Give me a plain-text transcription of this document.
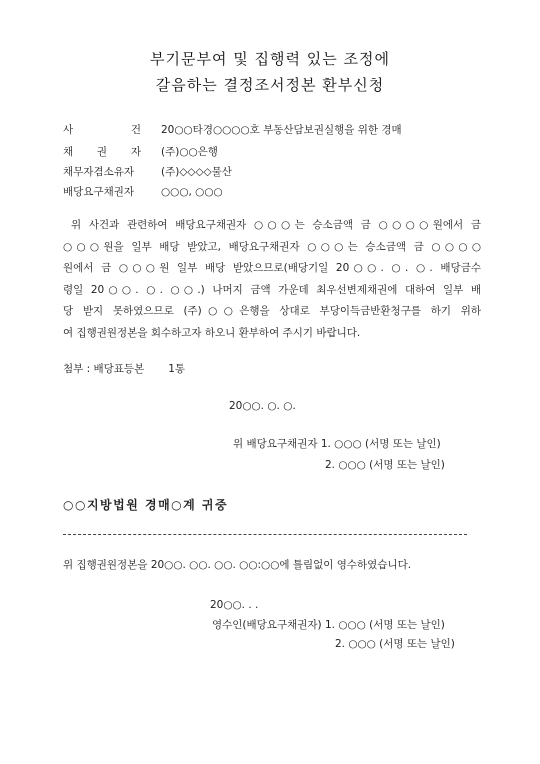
부기문부여 및 집행력 있는 조정에
갈음하는 결정조서정본 환부신청
사	건 20○○타경○○○○호 부동산담보권실행을 위한 경매
채 권 자 (주)○○은행
채무자겸소유자	(주)◇◇◇◇물산
배당요구채권자	○○○, ○○○
위 사건과 관련하여 배당요구채권자 ○○○는 승소금액 금 ○○○○원에서 금
○○○원을 일부 배당 받았고, 배당요구채권자 ○○○는 승소금액 금 ○○○○
원에서 금 ○○○원 일부 배당 받았으므로(배당기일 20○○. ○. ○. 배당금수
령일 20○○. ○. ○○.) 나머지 금액 가운데 최우선변제채권에 대하여 일부 배
당 받지 못하였으므로 (주)○○은행을 상대로 부당이득금반환청구를 하기 위하
여 집행권원정본을 회수하고자 하오니 환부하여 주시기 바랍니다.
첨부 : 배당표등본 1통
20○○. ○. ○.
위 배당요구채권자 1. ○○○ (서명 또는 날인)
2. ○○○ (서명 또는 날인)
○○지방법원 경매○계 귀중
위 집행권원정본을 20○○. ○○. ○○. ○○:○○에 틀림없이 영수하였습니다.
20○○. . .
영수인(배당요구채권자) 1. ○○○ (서명 또는 날인)
2. ○○○ (서명 또는 날인)
